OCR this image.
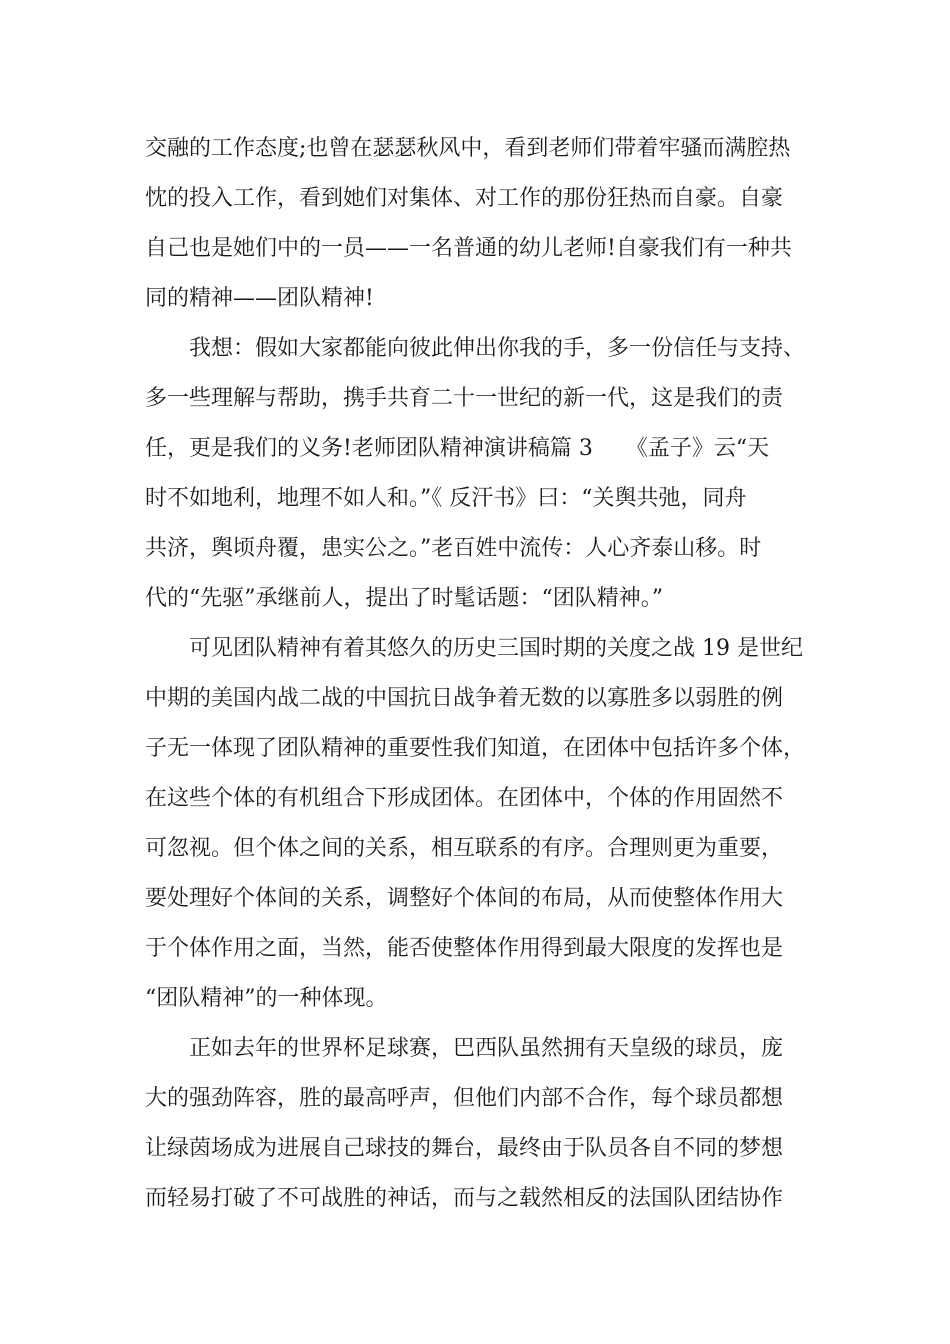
交融的工作态度;也曾在瑟瑟秋风中，看到老师们带着牢骚而满腔热
忱的投入工作，看到她们对集体、对工作的那份狂热而自豪。自豪
自己也是她们中的一员——一名普通的幼儿老师!自豪我们有一种共
同的精神——团队精神!
我想：假如大家都能向彼此伸出你我的手，多一份信任与支持、
多一些理解与帮助，携手共育二十一世纪的新一代，这是我们的责
任，更是我们的义务!老师团队精神演讲稿篇 3　　《孟子》云“天
时不如地利，地理不如人和。”《 反汗书》曰：“关舆共弛，同舟
共济，舆顷舟覆，患实公之。”老百姓中流传：人心齐泰山移。时
代的“先驱”承继前人，提出了时髦话题：“团队精神。”
可见团队精神有着其悠久的历史三国时期的关度之战 19 是世纪
中期的美国内战二战的中国抗日战争着无数的以寡胜多以弱胜的例
子无一体现了团队精神的重要性我们知道，在团体中包括许多个体，
在这些个体的有机组合下形成团体。在团体中，个体的作用固然不
可忽视。但个体之间的关系，相互联系的有序。合理则更为重要，
要处理好个体间的关系，调整好个体间的布局，从而使整体作用大
于个体作用之面，当然，能否使整体作用得到最大限度的发挥也是
“团队精神”的一种体现。
正如去年的世界杯足球赛，巴西队虽然拥有天皇级的球员，庞
大的强劲阵容，胜的最高呼声，但他们内部不合作，每个球员都想
让绿茵场成为进展自己球技的舞台，最终由于队员各自不同的梦想
而轻易打破了不可战胜的神话，而与之载然相反的法国队团结协作
